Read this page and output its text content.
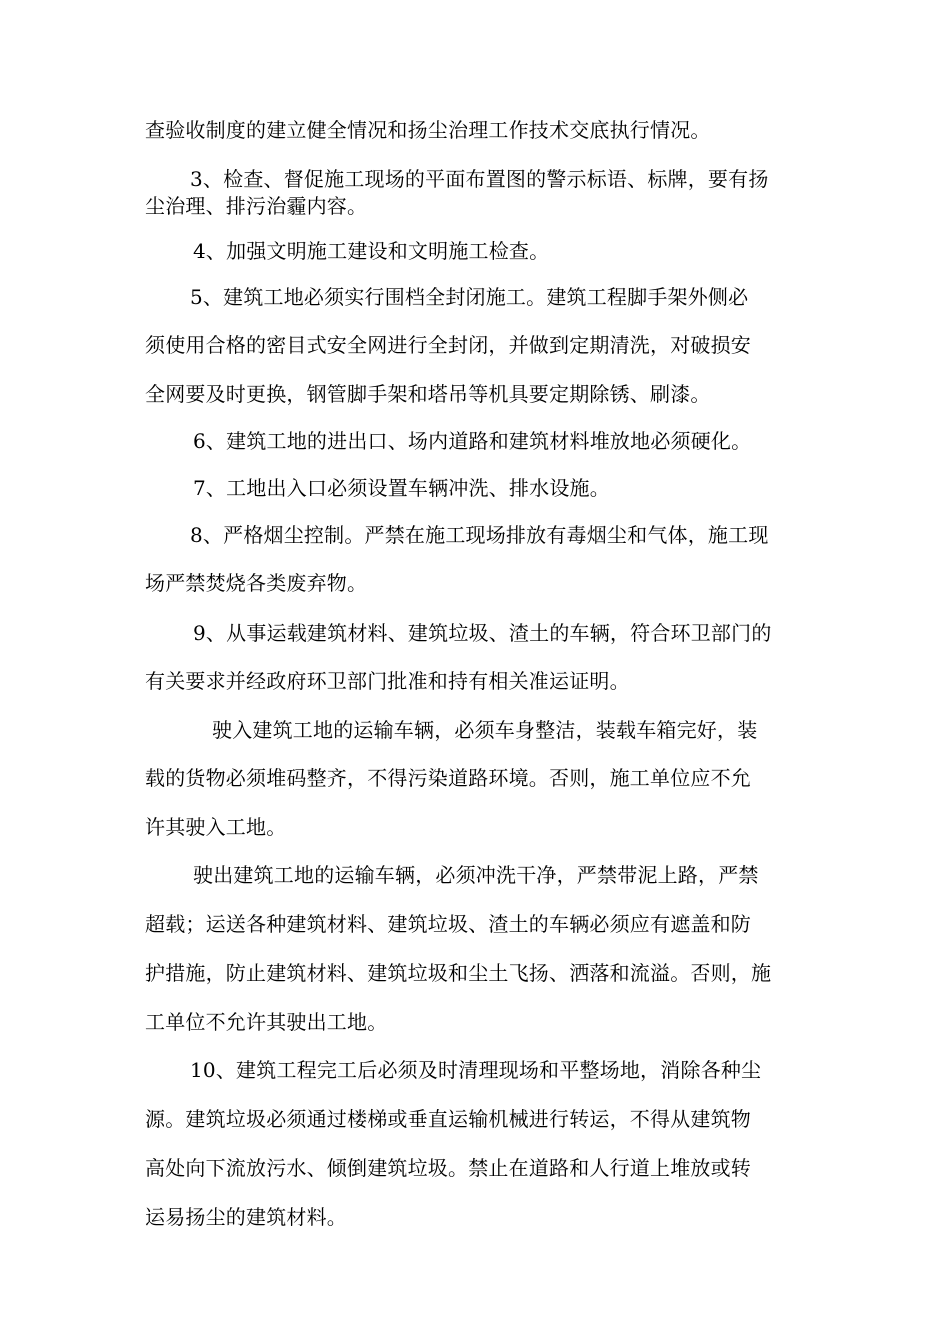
查验收制度的建立健全情况和扬尘治理工作技术交底执行情况。

3、检查、督促施工现场的平面布置图的警示标语、标牌，要有扬

尘治理、排污治霾内容。

4、加强文明施工建设和文明施工检查。

5、建筑工地必须实行围档全封闭施工。建筑工程脚手架外侧必

须使用合格的密目式安全网进行全封闭，并做到定期清洗，对破损安

全网要及时更换，钢管脚手架和塔吊等机具要定期除锈、刷漆。

6、建筑工地的进出口、场内道路和建筑材料堆放地必须硬化。

7、工地出入口必须设置车辆冲洗、排水设施。

8、严格烟尘控制。严禁在施工现场排放有毒烟尘和气体，施工现

场严禁焚烧各类废弃物。

9、从事运载建筑材料、建筑垃圾、渣土的车辆，符合环卫部门的

有关要求并经政府环卫部门批准和持有相关准运证明。

驶入建筑工地的运输车辆，必须车身整洁，装载车箱完好，装

载的货物必须堆码整齐，不得污染道路环境。否则，施工单位应不允

许其驶入工地。

驶出建筑工地的运输车辆，必须冲洗干净，严禁带泥上路，严禁

超载；运送各种建筑材料、建筑垃圾、渣土的车辆必须应有遮盖和防

护措施，防止建筑材料、建筑垃圾和尘土飞扬、洒落和流溢。否则，施

工单位不允许其驶出工地。

10、建筑工程完工后必须及时清理现场和平整场地，消除各种尘

源。建筑垃圾必须通过楼梯或垂直运输机械进行转运，不得从建筑物

高处向下流放污水、倾倒建筑垃圾。禁止在道路和人行道上堆放或转

运易扬尘的建筑材料。
